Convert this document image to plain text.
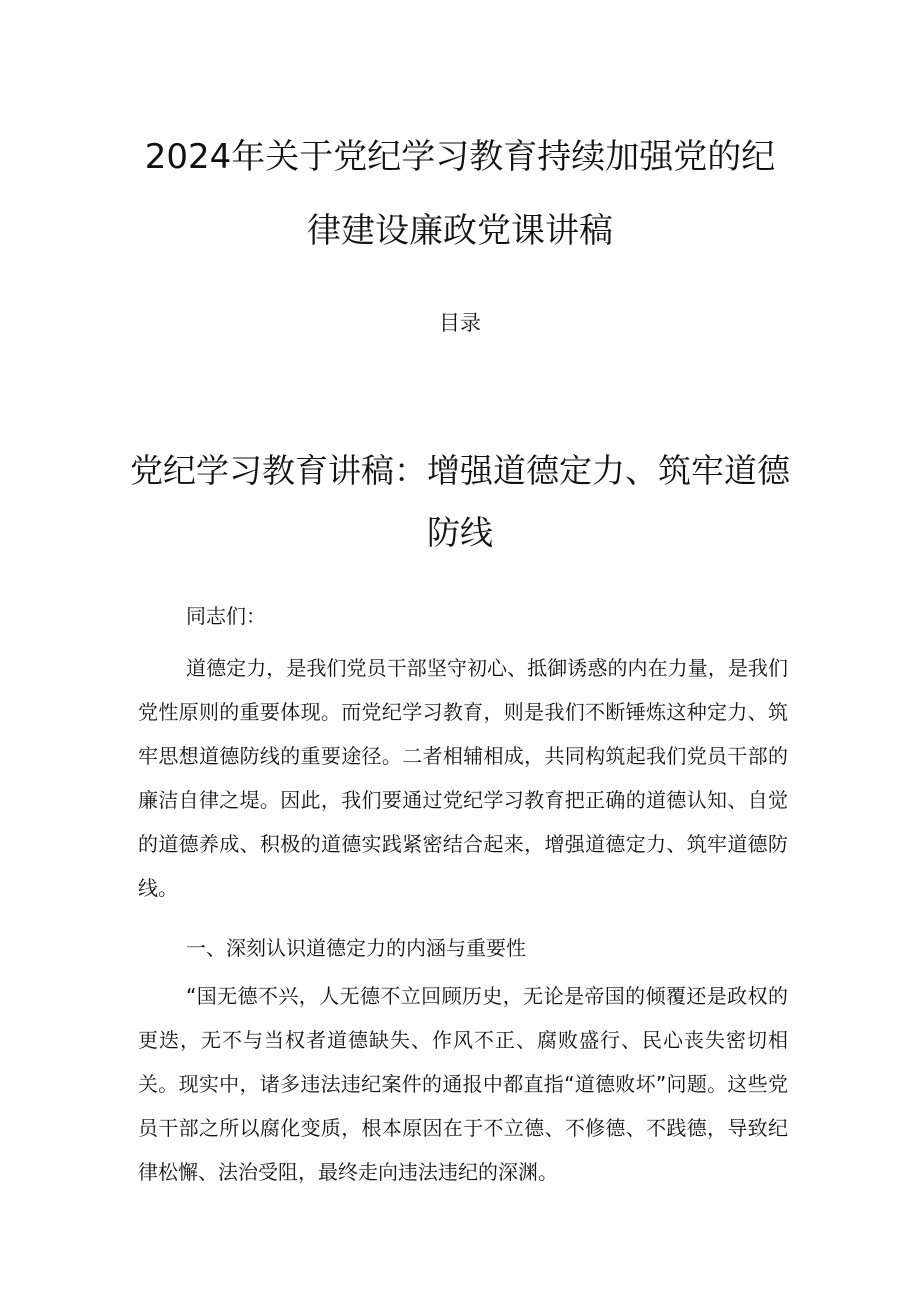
2024年关于党纪学习教育持续加强党的纪律建设廉政党课讲稿
目录
党纪学习教育讲稿：增强道德定力、筑牢道德防线

同志们：

道德定力，是我们党员干部坚守初心、抵御诱惑的内在力量，是我们党性原则的重要体现。而党纪学习教育，则是我们不断锤炼这种定力、筑牢思想道德防线的重要途径。二者相辅相成，共同构筑起我们党员干部的廉洁自律之堤。因此，我们要通过党纪学习教育把正确的道德认知、自觉的道德养成、积极的道德实践紧密结合起来，增强道德定力、筑牢道德防线。

一、深刻认识道德定力的内涵与重要性

“国无德不兴，人无德不立回顾历史，无论是帝国的倾覆还是政权的更迭，无不与当权者道德缺失、作风不正、腐败盛行、民心丧失密切相关。现实中，诸多违法违纪案件的通报中都直指“道德败坏”问题。这些党员干部之所以腐化变质，根本原因在于不立德、不修德、不践德，导致纪律松懈、法治受阻，最终走向违法违纪的深渊。
